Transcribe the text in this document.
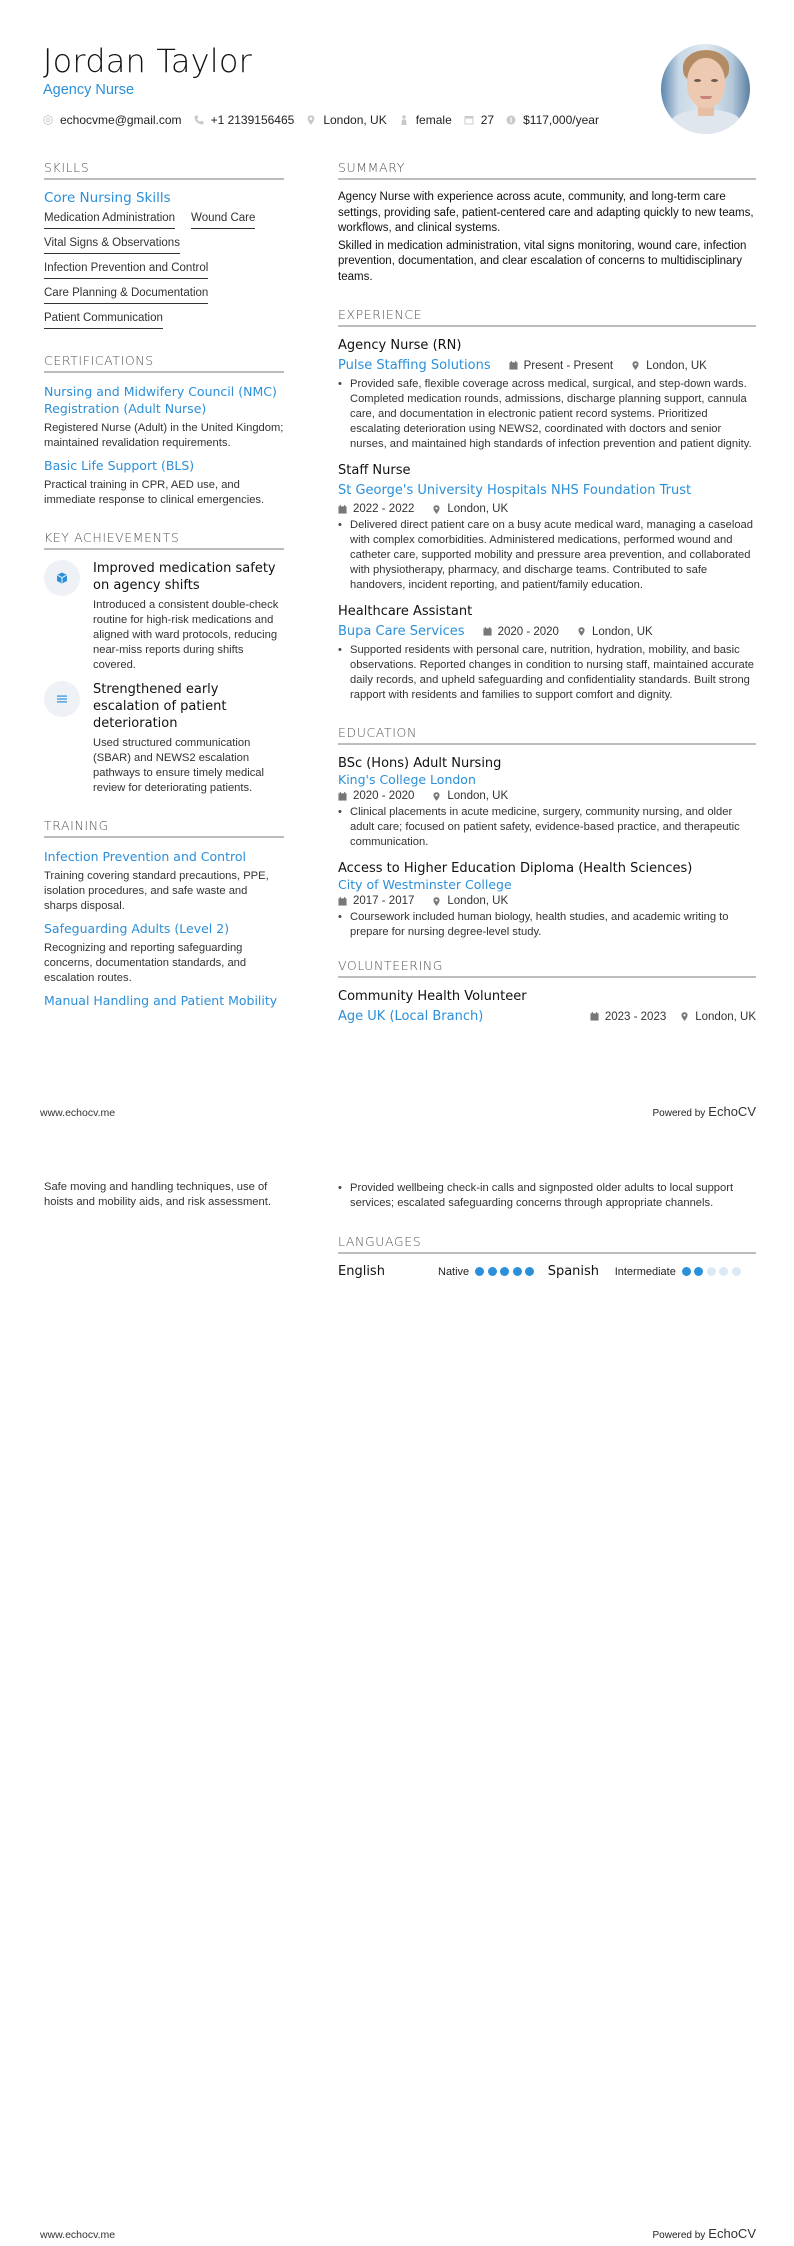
Jordan Taylor
Agency Nurse
echocvme@gmail.com +1 2139156465 London, UK female 27 $117,000/year
SKILLS
Core Nursing Skills
Medication Administration Wound Care
Vital Signs & Observations
Infection Prevention and Control
Care Planning & Documentation
Patient Communication
CERTIFICATIONS
Nursing and Midwifery Council (NMC) Registration (Adult Nurse)
Registered Nurse (Adult) in the United Kingdom; maintained revalidation requirements.
Basic Life Support (BLS)
Practical training in CPR, AED use, and immediate response to clinical emergencies.
KEY ACHIEVEMENTS
Improved medication safety on agency shifts
Introduced a consistent double-check routine for high-risk medications and aligned with ward protocols, reducing near-miss reports during shifts covered.
Strengthened early escalation of patient deterioration
Used structured communication (SBAR) and NEWS2 escalation pathways to ensure timely medical review for deteriorating patients.
TRAINING
Infection Prevention and Control
Training covering standard precautions, PPE, isolation procedures, and safe waste and sharps disposal.
Safeguarding Adults (Level 2)
Recognizing and reporting safeguarding concerns, documentation standards, and escalation routes.
Manual Handling and Patient Mobility
SUMMARY

Agency Nurse with experience across acute, community, and long-term care settings, providing safe, patient-centered care and adapting quickly to new teams, workflows, and clinical systems.

Skilled in medication administration, vital signs monitoring, wound care, infection prevention, documentation, and clear escalation of concerns to multidisciplinary teams.

EXPERIENCE
Agency Nurse (RN)
Pulse Staffing Solutions	Present - Present	London, UK
• Provided safe, flexible coverage across medical, surgical, and step-down wards. Completed medication rounds, admissions, discharge planning support, cannula care, and documentation in electronic patient record systems. Prioritized escalating deterioration using NEWS2, coordinated with doctors and senior nurses, and maintained high standards of infection prevention and patient dignity.
Staff Nurse
St George's University Hospitals NHS Foundation Trust
2022 - 2022	London, UK
• Delivered direct patient care on a busy acute medical ward, managing a caseload with complex comorbidities. Administered medications, performed wound and catheter care, supported mobility and pressure area prevention, and collaborated with physiotherapy, pharmacy, and discharge teams. Contributed to safe handovers, incident reporting, and patient/family education.
Healthcare Assistant
Bupa Care Services	2020 - 2020	London, UK
• Supported residents with personal care, nutrition, hydration, mobility, and basic observations. Reported changes in condition to nursing staff, maintained accurate daily records, and upheld safeguarding and confidentiality standards. Built strong rapport with residents and families to support comfort and dignity.
EDUCATION
BSc (Hons) Adult Nursing
King's College London
2020 - 2020	London, UK
• Clinical placements in acute medicine, surgery, community nursing, and older adult care; focused on patient safety, evidence-based practice, and therapeutic communication.
Access to Higher Education Diploma (Health Sciences)
City of Westminster College
2017 - 2017	London, UK
• Coursework included human biology, health studies, and academic writing to prepare for nursing degree-level study.
VOLUNTEERING
Community Health Volunteer
Age UK (Local Branch)	2023 - 2023	London, UK
www.echocv.me	Powered by EchoCV
Safe moving and handling techniques, use of hoists and mobility aids, and risk assessment.
• Provided wellbeing check-in calls and signposted older adults to local support services; escalated safeguarding concerns through appropriate channels.
LANGUAGES
English	Native	Spanish	Intermediate
www.echocv.me	Powered by EchoCV
